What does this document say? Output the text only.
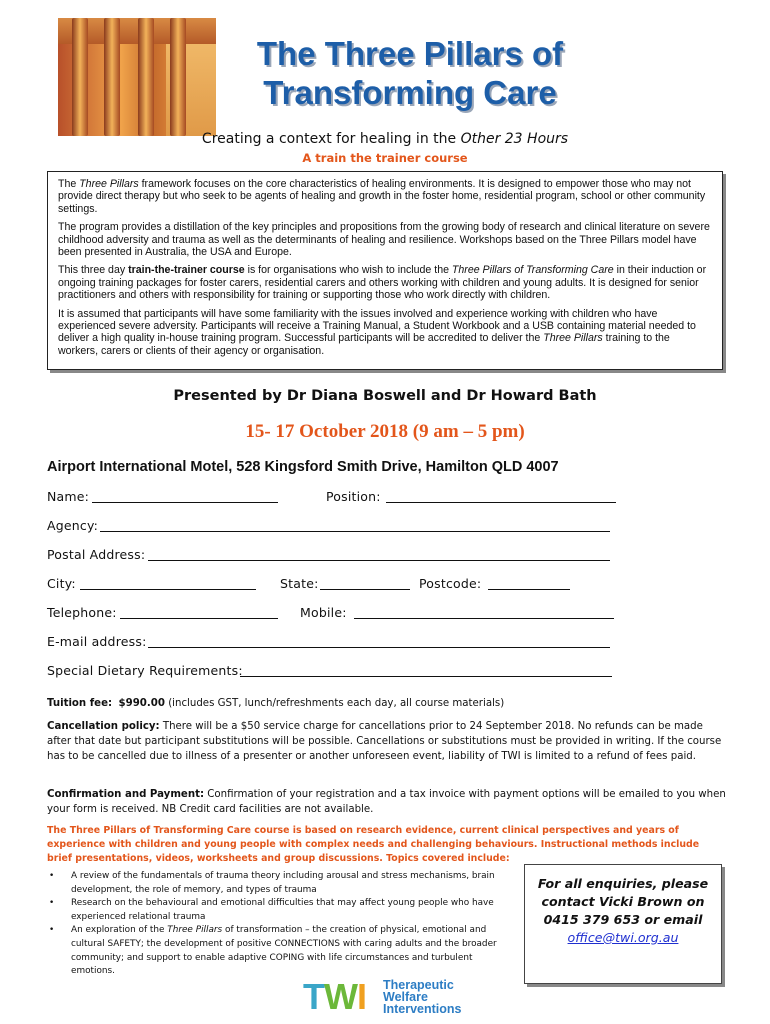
The Three Pillars of
Transforming Care
Creating a context for healing in the Other 23 Hours
A train the trainer course

The Three Pillars framework focuses on the core characteristics of healing environments. It is designed to empower those who may not provide direct therapy but who seek to be agents of healing and growth in the foster home, residential program, school or other community settings.

The program provides a distillation of the key principles and propositions from the growing body of research and clinical literature on severe childhood adversity and trauma as well as the determinants of healing and resilience. Workshops based on the Three Pillars model have been presented in Australia, the USA and Europe.

This three day train-the-trainer course is for organisations who wish to include the Three Pillars of Transforming Care in their induction or ongoing training packages for foster carers, residential carers and others working with children and young adults. It is designed for senior practitioners and others with responsibility for training or supporting those who work directly with children.

It is assumed that participants will have some familiarity with the issues involved and experience working with children who have experienced severe adversity. Participants will receive a Training Manual, a Student Workbook and a USB containing material needed to deliver a high quality in-house training program. Successful participants will be accredited to deliver the Three Pillars training to the workers, carers or clients of their agency or organisation.

Presented by Dr Diana Boswell and Dr Howard Bath
15- 17 October 2018 (9 am – 5 pm)
Airport International Motel, 528 Kingsford Smith Drive, Hamilton QLD 4007
Name:	Position:
Agency:
Postal Address:
City:	State:	Postcode:
Telephone:	Mobile:
E-mail address:
Special Dietary Requirements:
Tuition fee: $990.00 (includes GST, lunch/refreshments each day, all course materials)
Cancellation policy: There will be a $50 service charge for cancellations prior to 24 September 2018. No refunds can be made after that date but participant substitutions will be possible. Cancellations or substitutions must be provided in writing. If the course has to be cancelled due to illness of a presenter or another unforeseen event, liability of TWI is limited to a refund of fees paid.
Confirmation and Payment: Confirmation of your registration and a tax invoice with payment options will be emailed to you when your form is received. NB Credit card facilities are not available.
The Three Pillars of Transforming Care course is based on research evidence, current clinical perspectives and years of experience with children and young people with complex needs and challenging behaviours. Instructional methods include brief presentations, videos, worksheets and group discussions. Topics covered include:
• A review of the fundamentals of trauma theory including arousal and stress mechanisms, brain development, the role of memory, and types of trauma
• Research on the behavioural and emotional difficulties that may affect young people who have experienced relational trauma
• An exploration of the Three Pillars of transformation – the creation of physical, emotional and cultural SAFETY; the development of positive CONNECTIONS with caring adults and the broader community; and support to enable adaptive COPING with life circumstances and turbulent emotions.
For all enquiries, please contact Vicki Brown on 0415 379 653 or email
office@twi.org.au
TWI Therapeutic
Welfare
Interventions
